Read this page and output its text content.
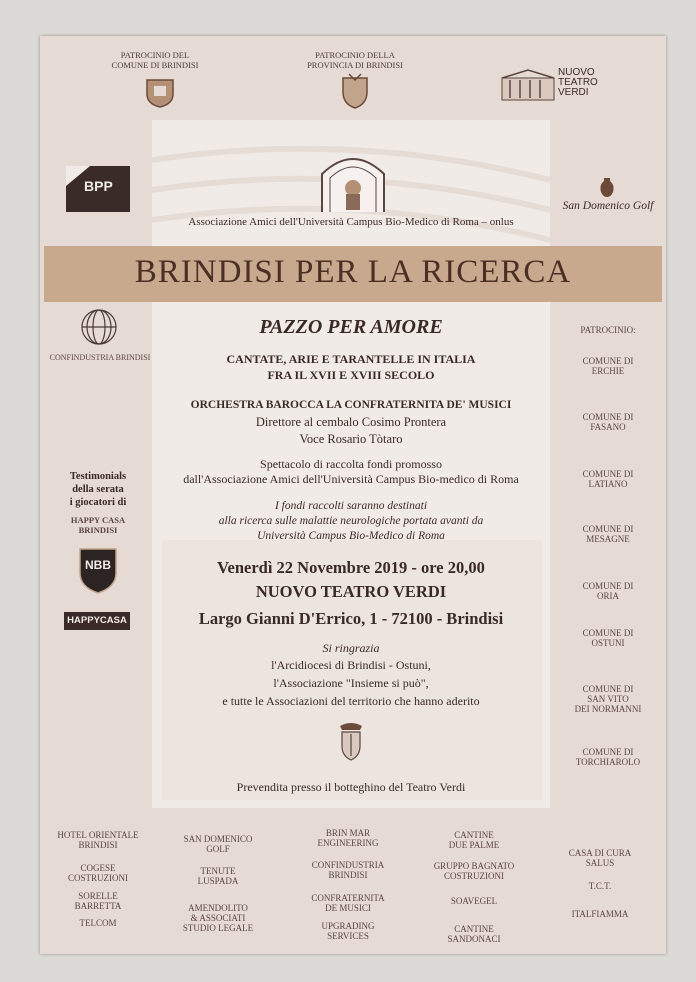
PATROCINIO DEL
COMUNE DI BRINDISI
PATROCINIO DELLA
PROVINCIA DI BRINDISI
NUOVO
TEATRO
VERDI
BPP
San Domenico Golf
Associazione Amici dell'Università Campus Bio-Medico di Roma – onlus
BRINDISI PER LA RICERCA
CONFINDUSTRIA BRINDISI
PAZZO PER AMORE
CANTATE, ARIE E TARANTELLE IN ITALIA
FRA IL XVII E XVIII SECOLO
ORCHESTRA BAROCCA LA CONFRATERNITA DE' MUSICI
Direttore al cembalo Cosimo Prontera
Voce Rosario Tòtaro
Spettacolo di raccolta fondi promosso
dall'Associazione Amici dell'Università Campus Bio-medico di Roma
I fondi raccolti saranno destinati
alla ricerca sulle malattie neurologiche portata avanti da
Università Campus Bio-Medico di Roma
Venerdì 22 Novembre 2019 - ore 20,00
NUOVO TEATRO VERDI
Largo Gianni D'Errico, 1 - 72100 - Brindisi
Si ringrazia
l'Arcidiocesi di Brindisi - Ostuni,
l'Associazione "Insieme si può",
e tutte le Associazioni del territorio che hanno aderito
Prevendita presso il botteghino del Teatro Verdi
Testimonials
della serata
i giocatori di
HAPPY CASA
BRINDISI
NBB
HAPPYCASA
PATROCINIO:
COMUNE DI
ERCHIE
COMUNE DI
FASANO
COMUNE DI
LATIANO
COMUNE DI
MESAGNE
COMUNE DI
ORIA
COMUNE DI
OSTUNI
COMUNE DI
SAN VITO
DEI NORMANNI
COMUNE DI
TORCHIAROLO
HOTEL ORIENTALE
BRINDISI
COGESE
COSTRUZIONI
SORELLE
BARRETTA
TELCOM
SAN DOMENICO
GOLF
TENUTE
LUSPADA
AMENDOLITO
& ASSOCIATI
STUDIO LEGALE
BRIN MAR
ENGINEERING
CONFINDUSTRIA
BRINDISI
CONFRATERNITA
DE MUSICI
UPGRADING
SERVICES
CANTINE
DUE PALME
GRUPPO BAGNATO
COSTRUZIONI
SOAVEGEL
CANTINE
SANDONACI
CASA DI CURA
SALUS
T.C.T.
ITALFIAMMA
